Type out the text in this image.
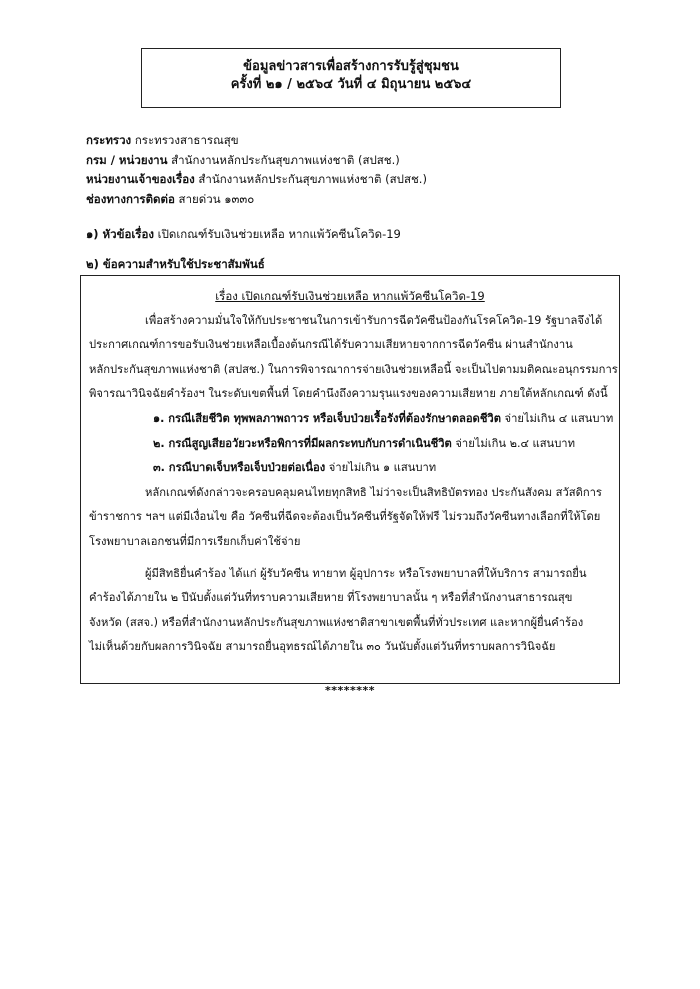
ข้อมูลข่าวสารเพื่อสร้างการรับรู้สู่ชุมชน
ครั้งที่ ๒๑ / ๒๕๖๔ วันที่ ๔ มิถุนายน ๒๕๖๔
กระทรวง กระทรวงสาธารณสุข
กรม / หน่วยงาน สำนักงานหลักประกันสุขภาพแห่งชาติ (สปสช.)
หน่วยงานเจ้าของเรื่อง สำนักงานหลักประกันสุขภาพแห่งชาติ (สปสช.)
ช่องทางการติดต่อ สายด่วน ๑๓๓๐
๑) หัวข้อเรื่อง เปิดเกณฑ์รับเงินช่วยเหลือ หากแพ้วัคซีนโควิด-19
๒) ข้อความสำหรับใช้ประชาสัมพันธ์
เรื่อง เปิดเกณฑ์รับเงินช่วยเหลือ หากแพ้วัคซีนโควิด-19
เพื่อสร้างความมั่นใจให้กับประชาชนในการเข้ารับการฉีดวัคซีนป้องกันโรคโควิด-19 รัฐบาลจึงได้
ประกาศเกณฑ์การขอรับเงินช่วยเหลือเบื้องต้นกรณีได้รับความเสียหายจากการฉีดวัคซีน ผ่านสำนักงาน
หลักประกันสุขภาพแห่งชาติ (สปสช.) ในการพิจารณาการจ่ายเงินช่วยเหลือนี้ จะเป็นไปตามมติคณะอนุกรรมการ
พิจารณาวินิจฉัยคำร้องฯ ในระดับเขตพื้นที่ โดยคำนึงถึงความรุนแรงของความเสียหาย ภายใต้หลักเกณฑ์ ดังนี้
๑. กรณีเสียชีวิต ทุพพลภาพถาวร หรือเจ็บป่วยเรื้อรังที่ต้องรักษาตลอดชีวิต จ่ายไม่เกิน ๔ แสนบาท
๒. กรณีสูญเสียอวัยวะหรือพิการที่มีผลกระทบกับการดำเนินชีวิต จ่ายไม่เกิน ๒.๔ แสนบาท
๓. กรณีบาดเจ็บหรือเจ็บป่วยต่อเนื่อง จ่ายไม่เกิน ๑ แสนบาท
หลักเกณฑ์ดังกล่าวจะครอบคลุมคนไทยทุกสิทธิ ไม่ว่าจะเป็นสิทธิบัตรทอง ประกันสังคม สวัสดิการ
ข้าราชการ ฯลฯ แต่มีเงื่อนไข คือ วัคซีนที่ฉีดจะต้องเป็นวัคซีนที่รัฐจัดให้ฟรี ไม่รวมถึงวัคซีนทางเลือกที่ให้โดย
โรงพยาบาลเอกชนที่มีการเรียกเก็บค่าใช้จ่าย
ผู้มีสิทธิยื่นคำร้อง ได้แก่ ผู้รับวัคซีน ทายาท ผู้อุปการะ หรือโรงพยาบาลที่ให้บริการ สามารถยื่น
คำร้องได้ภายใน ๒ ปีนับตั้งแต่วันที่ทราบความเสียหาย ที่โรงพยาบาลนั้น ๆ หรือที่สำนักงานสาธารณสุข
จังหวัด (สสจ.) หรือที่สำนักงานหลักประกันสุขภาพแห่งชาติสาขาเขตพื้นที่ทั่วประเทศ และหากผู้ยื่นคำร้อง
ไม่เห็นด้วยกับผลการวินิจฉัย สามารถยื่นอุทธรณ์ได้ภายใน ๓๐ วันนับตั้งแต่วันที่ทราบผลการวินิจฉัย
********
